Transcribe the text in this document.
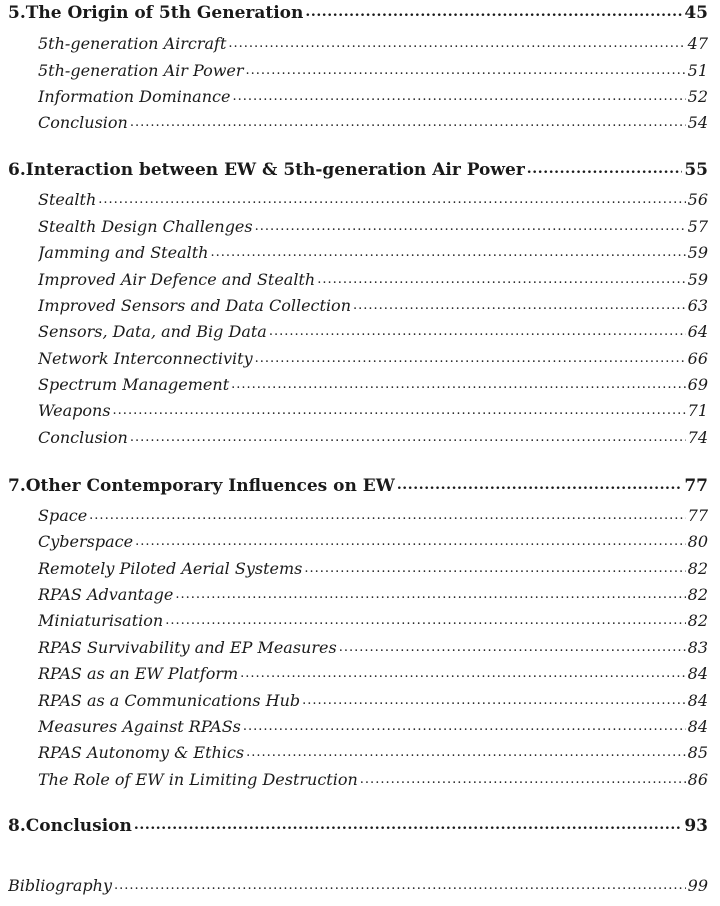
5. The Origin of 5th Generation .....	45
5th-generation Aircraft .....	47
5th-generation Air Power .....	51
Information Dominance .....	52
Conclusion .....	54
6. Interaction between EW & 5th-generation Air Power .....	55
Stealth .....	56
Stealth Design Challenges .....	57
Jamming and Stealth .....	59
Improved Air Defence and Stealth .....	59
Improved Sensors and Data Collection .....	63
Sensors, Data, and Big Data .....	64
Network Interconnectivity .....	66
Spectrum Management .....	69
Weapons .....	71
Conclusion .....	74
7. Other Contemporary Influences on EW .....	77
Space .....	77
Cyberspace .....	80
Remotely Piloted Aerial Systems .....	82
RPAS Advantage .....	82
Miniaturisation .....	82
RPAS Survivability and EP Measures .....	83
RPAS as an EW Platform .....	84
RPAS as a Communications Hub .....	84
Measures Against RPASs .....	84
RPAS Autonomy & Ethics .....	85
The Role of EW in Limiting Destruction .....	86
8. Conclusion .....	93
Bibliography .....	99
